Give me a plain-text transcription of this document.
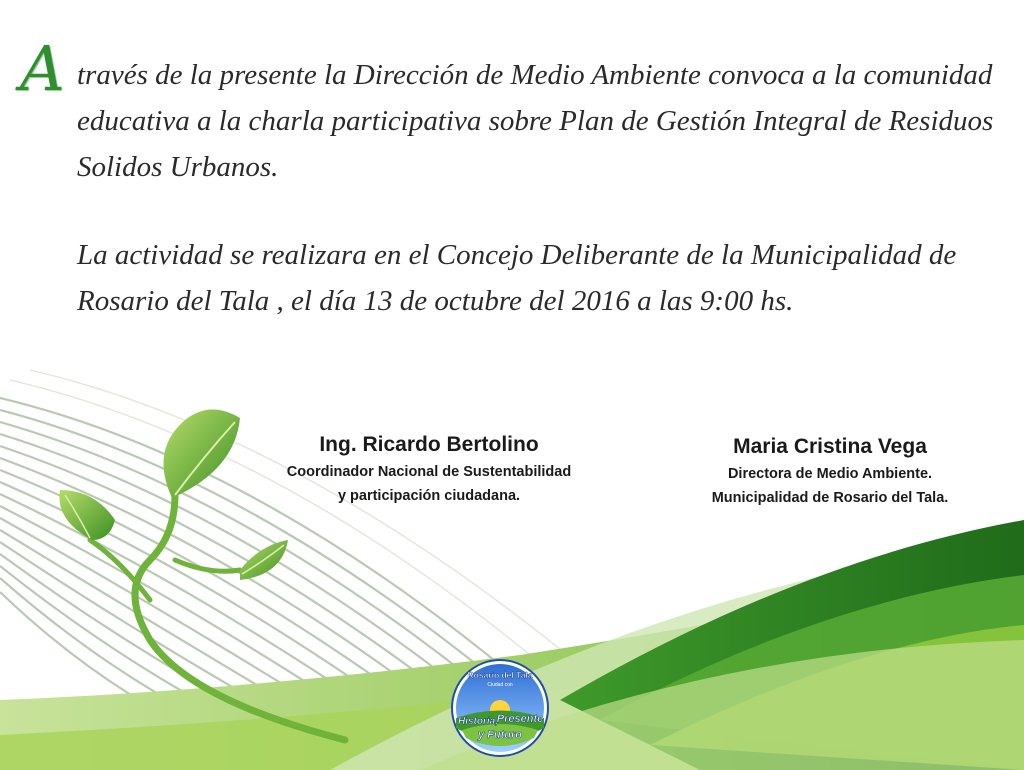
A través de la presente la Dirección de Medio Ambiente convoca a la comunidad educativa a la charla participativa sobre Plan de Gestión Integral de Residuos Solidos Urbanos.

La actividad se realizara en el Concejo Deliberante de la Municipalidad de Rosario del Tala , el día 13 de octubre del 2016 a las 9:00 hs.

Ing. Ricardo Bertolino
Coordinador Nacional de Sustentabilidad
y participación ciudadana.
Maria Cristina Vega
Directora de Medio Ambiente.
Municipalidad de Rosario del Tala.
Rosario del Tala
Ciudad con
Historia,
Presente
y Futuro
